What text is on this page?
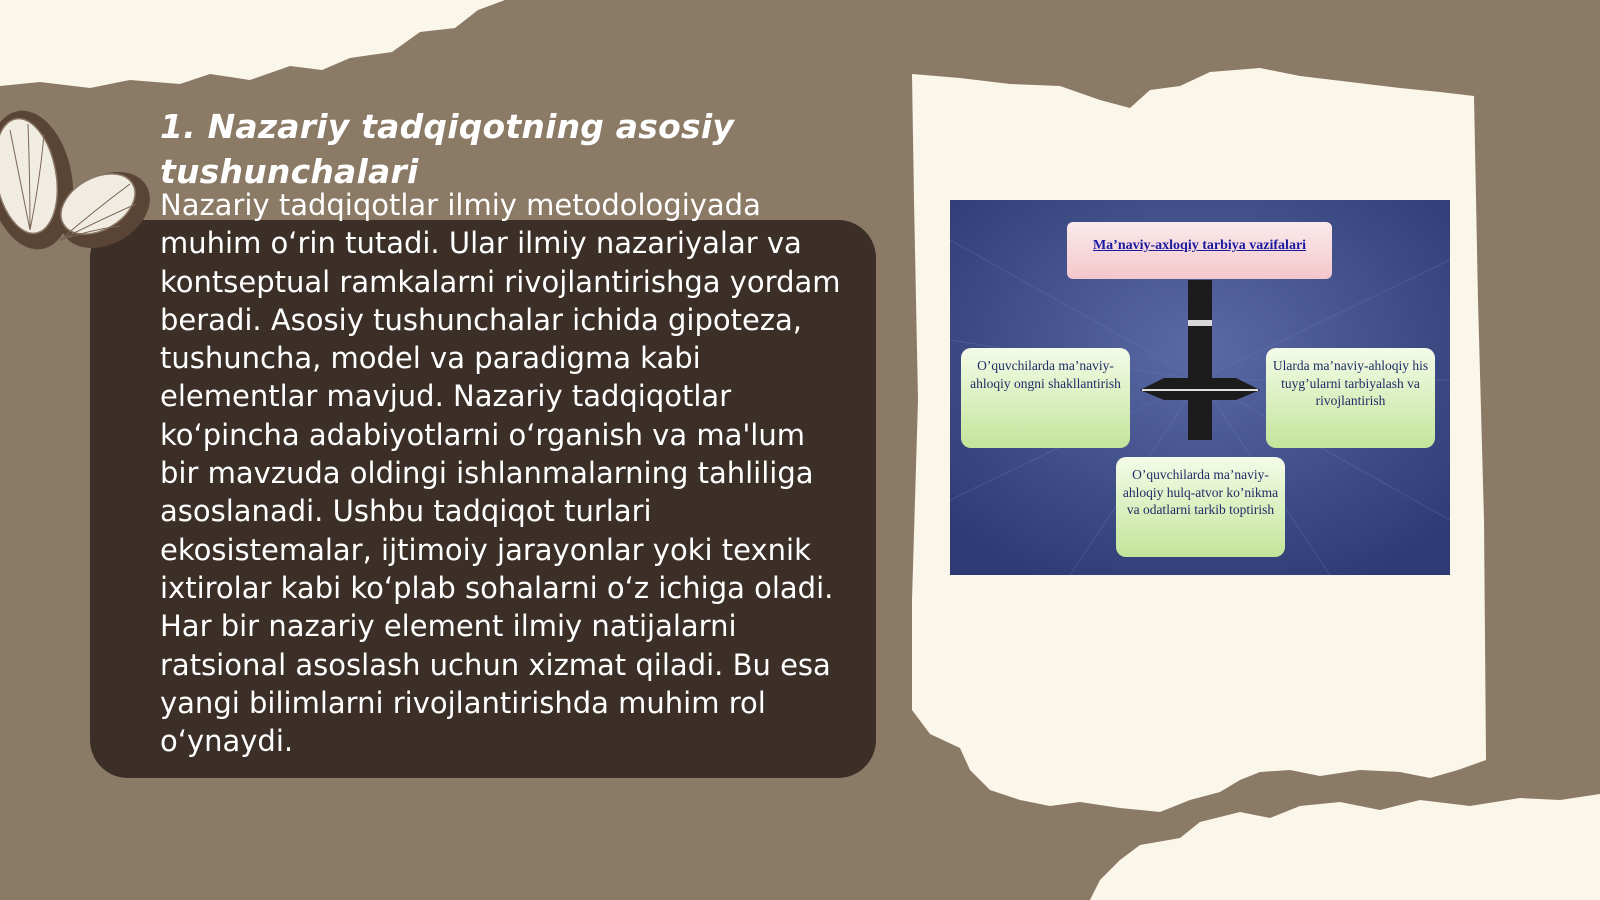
1. Nazariy tadqiqotning asosiy tushunchalari

Nazariy tadqiqotlar ilmiy metodologiyada muhim o‘rin tutadi. Ular ilmiy nazariyalar va kontseptual ramkalarni rivojlantirishga yordam beradi. Asosiy tushunchalar ichida gipoteza, tushuncha, model va paradigma kabi elementlar mavjud. Nazariy tadqiqotlar ko‘pincha adabiyotlarni o‘rganish va ma'lum bir mavzuda oldingi ishlanmalarning tahliliga asoslanadi. Ushbu tadqiqot turlari ekosistemalar, ijtimoiy jarayonlar yoki texnik ixtirolar kabi ko‘plab sohalarni o‘z ichiga oladi. Har bir nazariy element ilmiy natijalarni ratsional asoslash uchun xizmat qiladi. Bu esa yangi bilimlarni rivojlantirishda muhim rol o‘ynaydi.

Ma’naviy-axloqiy tarbiya vazifalari
O’quvchilarda ma’naviy-ahloqiy ongni shakllantirish
Ularda ma’naviy-ahloqiy his tuyg’ularni tarbiyalash va rivojlantirish
O’quvchilarda ma’naviy-ahloqiy hulq-atvor ko’nikma va odatlarni tarkib toptirish
